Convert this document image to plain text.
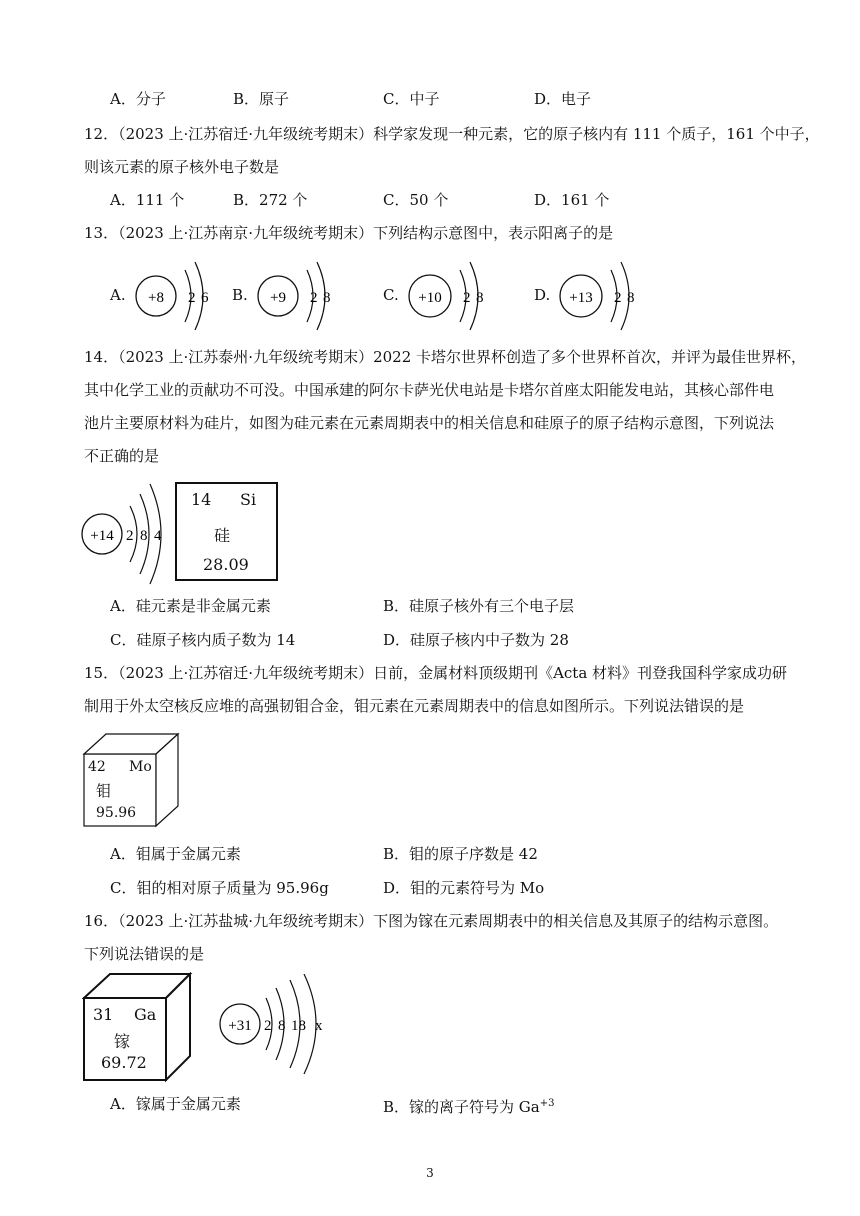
A．分子	B．原子	C．中子	D．电子
12．（2023 上·江苏宿迁·九年级统考期末）科学家发现一种元素，它的原子核内有 111 个质子，161 个中子，
则该元素的原子核外电子数是
A．111 个	B．272 个	C．50 个	D．161 个
13．（2023 上·江苏南京·九年级统考期末）下列结构示意图中，表示阳离子的是
A. +8 2 6 B. +9 2 8	C. +10 2 8	D. +13 2 8
14．（2023 上·江苏泰州·九年级统考期末）2022 卡塔尔世界杯创造了多个世界杯首次，并评为最佳世界杯，
其中化学工业的贡献功不可没。中国承建的阿尔卡萨光伏电站是卡塔尔首座太阳能发电站，其核心部件电
池片主要原材料为硅片，如图为硅元素在元素周期表中的相关信息和硅原子的原子结构示意图，下列说法
不正确的是
+14 2 8 4
14 Si
硅
28.09
A．硅元素是非金属元素	B．硅原子核外有三个电子层
C．硅原子核内质子数为 14	D．硅原子核内中子数为 28
15．（2023 上·江苏宿迁·九年级统考期末）日前，金属材料顶级期刊《Acta 材料》刊登我国科学家成功研
制用于外太空核反应堆的高强韧钼合金，钼元素在元素周期表中的信息如图所示。下列说法错误的是
42 Mo
钼
95.96
A．钼属于金属元素	B．钼的原子序数是 42
C．钼的相对原子质量为 95.96g	D．钼的元素符号为 Mo
16．（2023 上·江苏盐城·九年级统考期末）下图为镓在元素周期表中的相关信息及其原子的结构示意图。
下列说法错误的是
31 Ga
镓
69.72
+31 2 8 18 x
A．镓属于金属元素	B．镓的离子符号为 $Ga^{+3}$
3
